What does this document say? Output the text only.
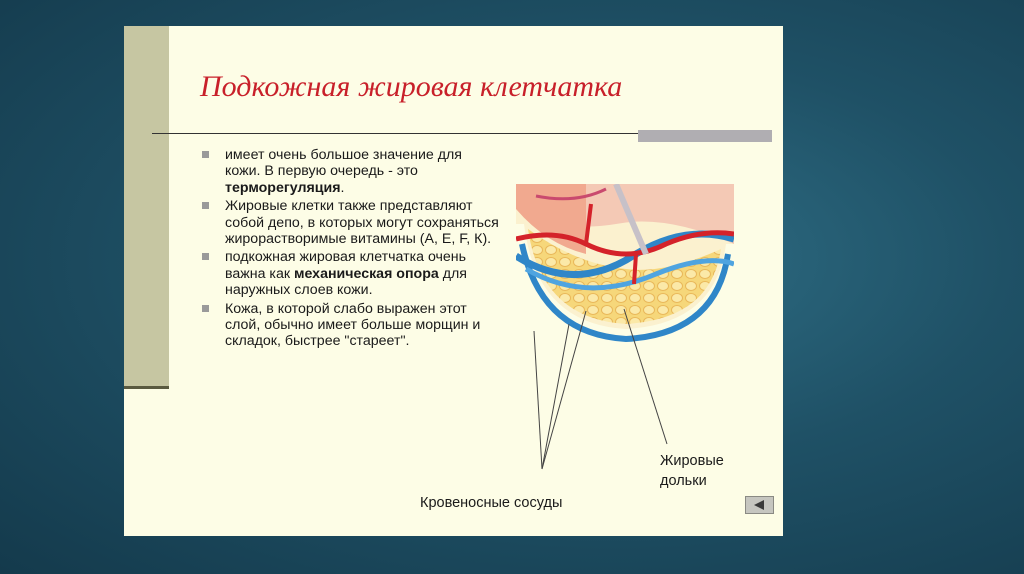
Подкожная жировая клетчатка
имеет очень большое значение для кожи. В первую очередь - это терморегуляция.
Жировые клетки также представляют собой депо, в которых могут сохраняться жирорастворимые витамины (А, Е, F, К).
подкожная жировая клетчатка очень важна как механическая опора для наружных слоев кожи.
Кожа, в которой слабо выражен этот слой, обычно имеет больше морщин и складок, быстрее "стареет".
Жировые дольки
Кровеносные сосуды
